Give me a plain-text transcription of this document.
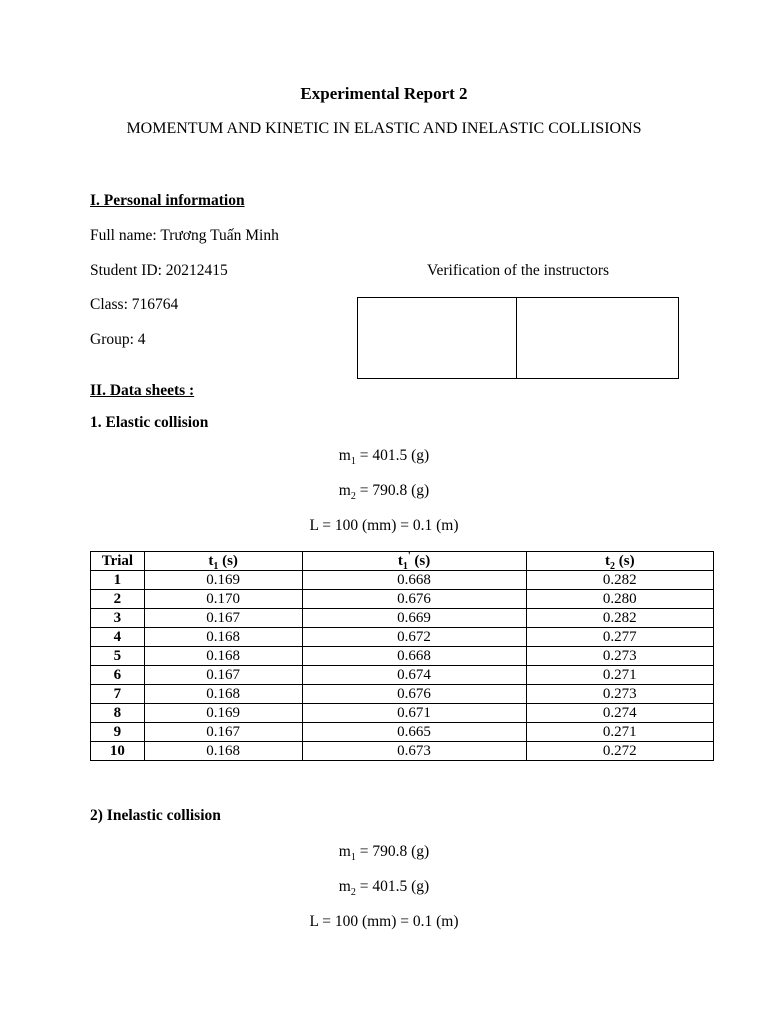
Experimental Report 2
MOMENTUM AND KINETIC IN ELASTIC AND INELASTIC COLLISIONS
I. Personal information
Full name: Trương Tuấn Minh
Student ID: 20212415
Class: 716764
Group: 4
Verification of the instructors
II. Data sheets :
1. Elastic collision
$m_1 = 401.5$ (g)
$m_2 = 790.8$ (g)
L = 100 (mm) = 0.1 (m)
Trial	$t_1$ (s)	$t_1'$ (s)	$t_2$ (s)
1	0.169	0.668	0.282
2	0.170	0.676	0.280
3	0.167	0.669	0.282
4	0.168	0.672	0.277
5	0.168	0.668	0.273
6	0.167	0.674	0.271
7	0.168	0.676	0.273
8	0.169	0.671	0.274
9	0.167	0.665	0.271
10	0.168	0.673	0.272
2) Inelastic collision
$m_1 = 790.8$ (g)
$m_2 = 401.5$ (g)
L = 100 (mm) = 0.1 (m)
